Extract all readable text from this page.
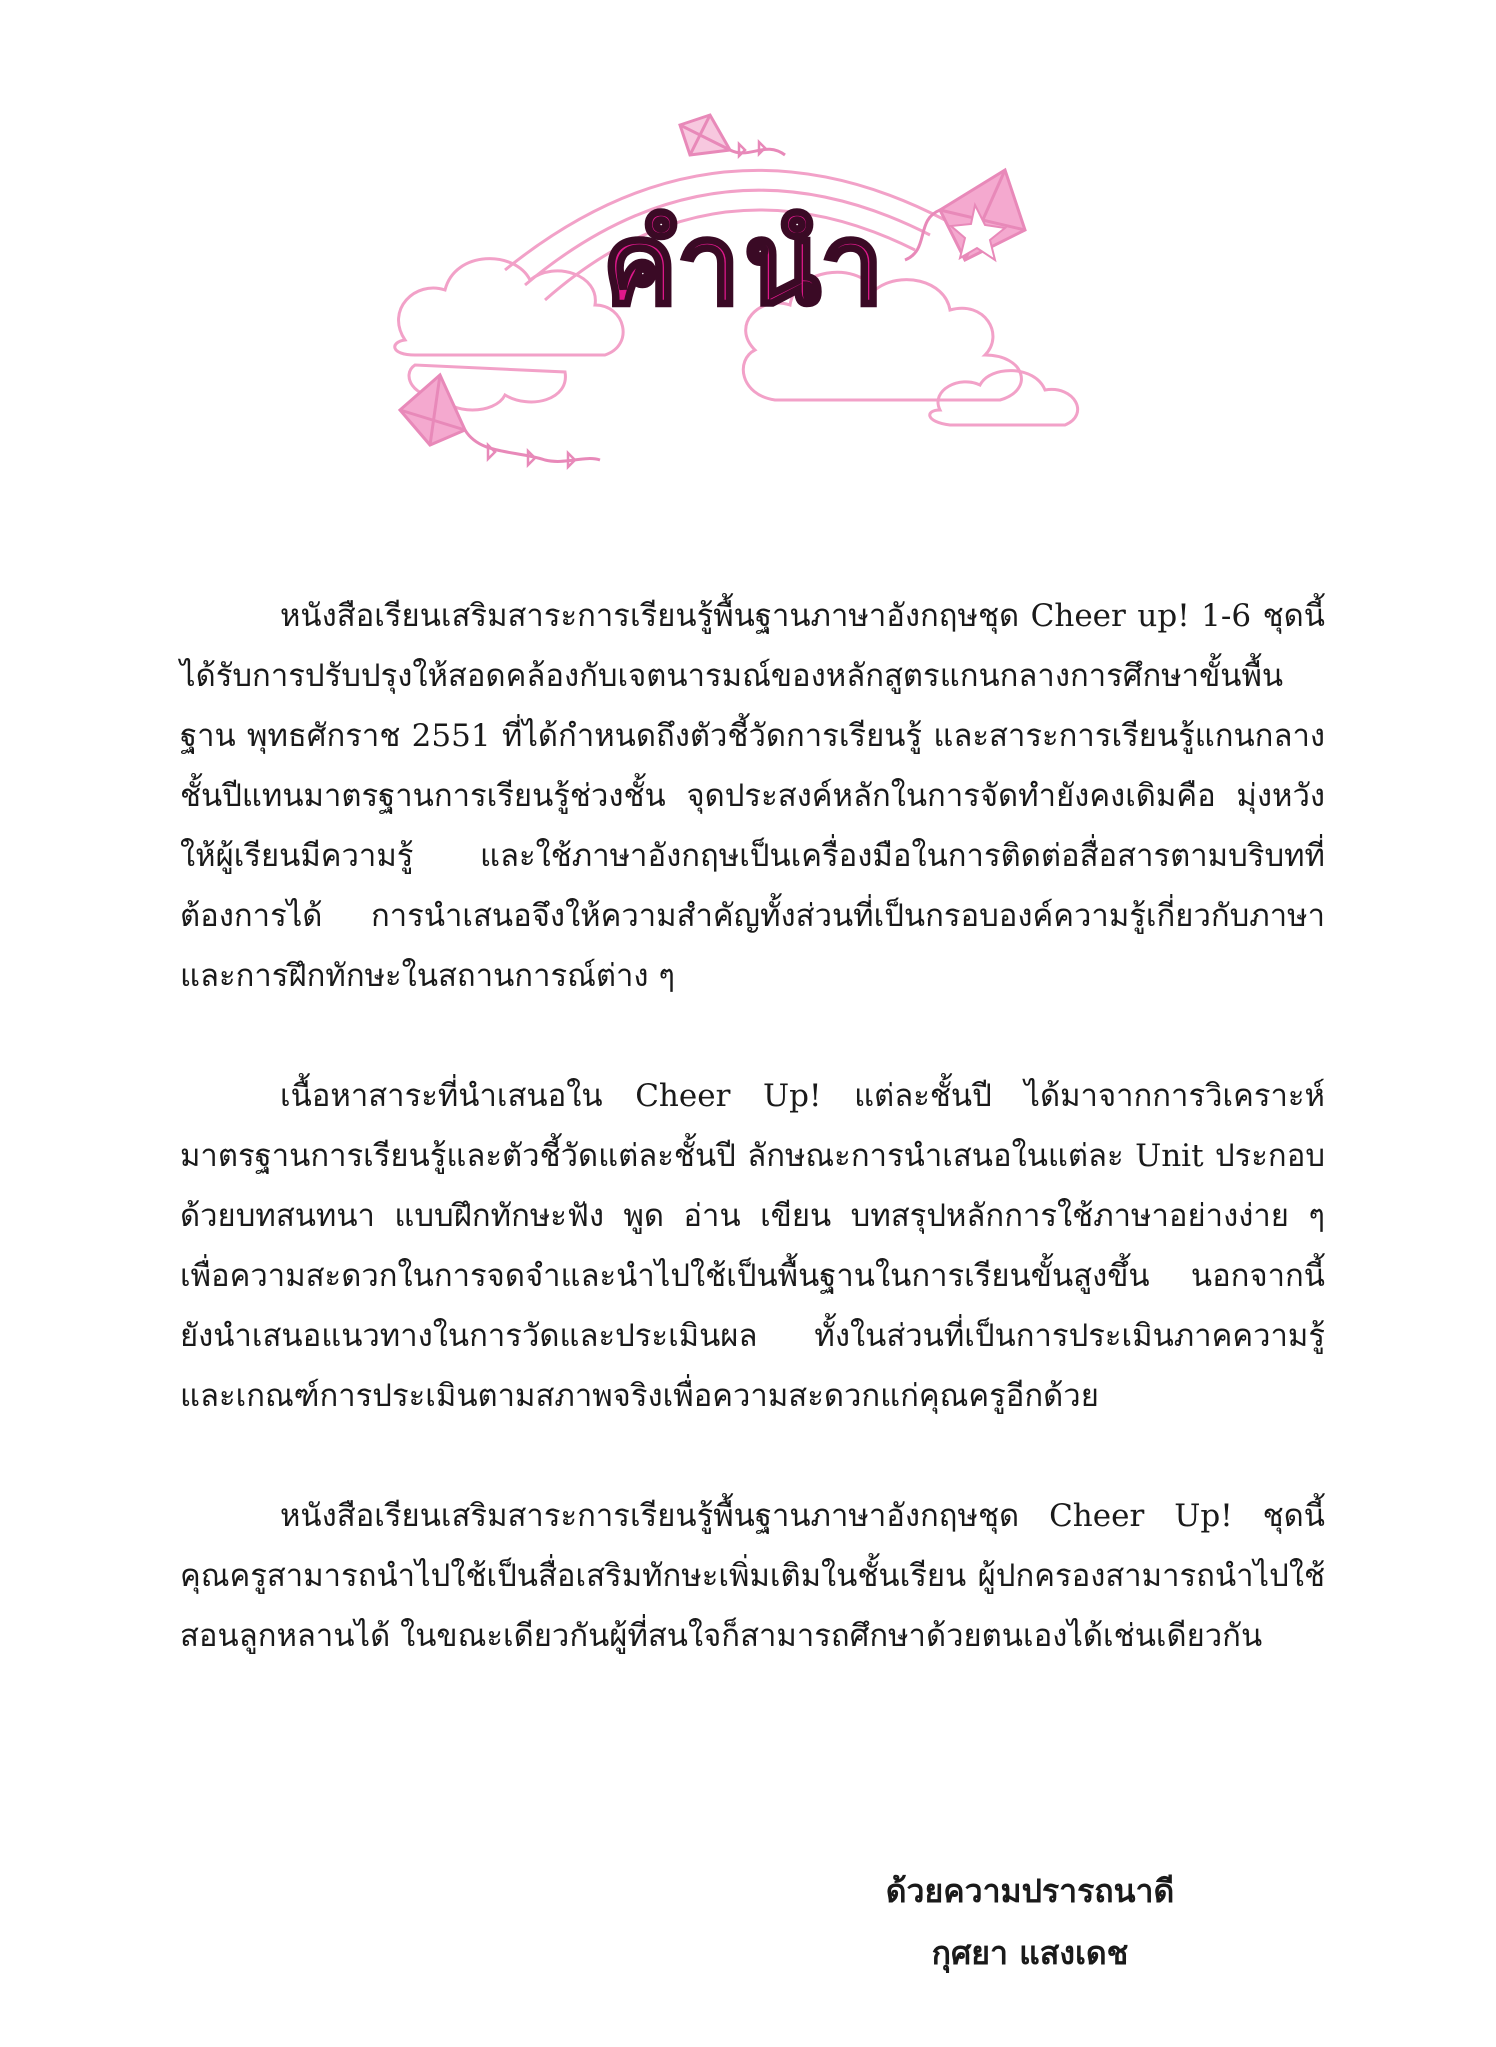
คำนำ

หนังสือเรียนเสริมสาระการเรียนรู้พื้นฐานภาษาอังกฤษชุด Cheer up! 1-6 ชุดนี้ ได้รับการปรับปรุงให้สอดคล้องกับเจตนารมณ์ของหลักสูตรแกนกลางการศึกษาขั้นพื้นฐาน พุทธศักราช 2551 ที่ได้กำหนดถึงตัวชี้วัดการเรียนรู้ และสาระการเรียนรู้แกนกลางชั้นปีแทนมาตรฐานการเรียนรู้ช่วงชั้น จุดประสงค์หลักในการจัดทำยังคงเดิมคือ มุ่งหวังให้ผู้เรียนมีความรู้ และใช้ภาษาอังกฤษเป็นเครื่องมือในการติดต่อสื่อสารตามบริบทที่ต้องการได้ การนำเสนอจึงให้ความสำคัญทั้งส่วนที่เป็นกรอบองค์ความรู้เกี่ยวกับภาษา และการฝึกทักษะในสถานการณ์ต่าง ๆ

เนื้อหาสาระที่นำเสนอใน Cheer Up! แต่ละชั้นปี ได้มาจากการวิเคราะห์มาตรฐานการเรียนรู้และตัวชี้วัดแต่ละชั้นปี ลักษณะการนำเสนอในแต่ละ Unit ประกอบด้วยบทสนทนา แบบฝึกทักษะฟัง พูด อ่าน เขียน บทสรุปหลักการใช้ภาษาอย่างง่าย ๆ เพื่อความสะดวกในการจดจำและนำไปใช้เป็นพื้นฐานในการเรียนขั้นสูงขึ้น นอกจากนี้ยังนำเสนอแนวทางในการวัดและประเมินผล ทั้งในส่วนที่เป็นการประเมินภาคความรู้ และเกณฑ์การประเมินตามสภาพจริงเพื่อความสะดวกแก่คุณครูอีกด้วย

หนังสือเรียนเสริมสาระการเรียนรู้พื้นฐานภาษาอังกฤษชุด Cheer Up! ชุดนี้ คุณครูสามารถนำไปใช้เป็นสื่อเสริมทักษะเพิ่มเติมในชั้นเรียน ผู้ปกครองสามารถนำไปใช้สอนลูกหลานได้ ในขณะเดียวกันผู้ที่สนใจก็สามารถศึกษาด้วยตนเองได้เช่นเดียวกัน

ด้วยความปรารถนาดี
กุศยา แสงเดช
